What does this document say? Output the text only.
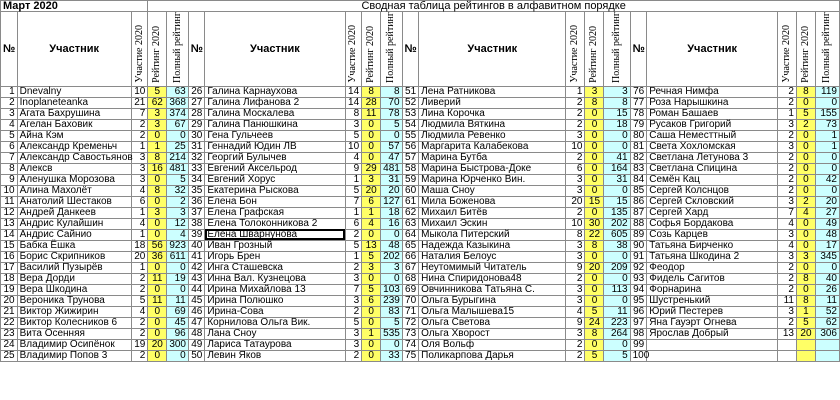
Март 2020			Сводная таблица рейтингов в алфавитном порядке																
№	Участник	Участие 2020	Рейтинг 2020	Полный рейтинг	№	Участник	Участие 2020	Рейтинг 2020	Полный рейтинг	№	Участник	Участие 2020	Рейтинг 2020	Полный рейтинг	№	Участник	Участие 2020	Рейтинг 2020	Полный рейтинг
1	Dnevalny	10	5	63	26	Галина Карнаухова	14	8	8	51	Лена Ратникова	1	3	3	76	Речная Нимфа	2	8	119
2	Inoplaneteanka	21	62	368	27	Галина Лифанова 2	14	28	70	52	Ливерий	2	8	8	77	Роза Нарышкина	2	0	0
3	Агата Бахрушина	7	3	374	28	Галина Москалева	8	11	78	53	Лина Корочка	2	0	15	78	Роман Башаев	1	5	155
4	Агелан Баховик	2	3	67	29	Галина Панюшкина	3	0	5	54	Людмила Вяткина	2	0	18	79	Русаков Григорий	3	2	73
5	Айна Кэм	2	0	0	30	Гена Гульчеев	5	0	0	55	Людмила Ревенко	3	0	0	80	Саша Неместтный	2	0	1
6	Александр Кременьч	1	1	25	31	Геннадий Юдин ЛВ	10	0	57	56	Маргарита Калабекова	10	0	0	81	Света Хохломская	3	0	1
7	Александр Савостьянов	3	8	214	32	Георгий Булычев	4	0	47	57	Марина Бутба	2	0	41	82	Светлана Летунова 3	2	0	0
8	Алексв	3	16	481	33	Евгений Аксельрод	9	29	481	58	Марина Быстрова-Доке	6	0	164	83	Светлана Спицина	2	0	0
9	Аленушка Морозова	3	0	5	34	Евгений Хорус	1	3	31	59	Марина Юрченко Вин.	3	0	31	84	Семён Кац	2	0	42
10	Алина Махолёт	4	8	32	35	Екатерина Рыскова	5	20	20	60	Маша Сноу	3	0	0	85	Сергей Колснцов	2	0	0
11	Анатолий Шестаков	6	0	2	36	Елена Бон	7	6	127	61	Мила Боженова	20	15	15	86	Сергей Скловский	3	2	20
12	Андрей Данкеев	1	3	3	37	Елена Графская	1	1	18	62	Михаил Битёв	2	0	135	87	Сергей Хард	7	4	27
13	Андрис Кулайшин	4	0	12	38	Елена Толоконникова 2	6	4	16	63	Михаил Эскин	10	30	202	88	Софья Бордакова	4	0	49
14	Андрис Сайнио	1	0	4	39	Елена Шварнунова	2	0	0	64	Мыкола Питерский	8	22	605	89	Созь Карцев	3	0	48
15	Бабка Ёшка	18	56	923	40	Иван Грозный	5	13	48	65	Надежда Казыкина	3	8	38	90	Татьяна Бирченко	4	0	17
16	Борис Скрипников	20	36	611	41	Игорь Брен	1	5	202	66	Наталия Белоус	3	0	0	91	Татьяна Шкодина 2	3	3	345
17	Василий Пузырёв	1	0	0	42	Инга Сташевска	2	3	3	67	Неутомимый Читатель	9	20	209	92	Феодор	2	0	0
18	Вера Дорди	2	11	19	43	Инна Вал. Кузнецова	3	0	0	68	Нина Спиридонова48	2	0	0	93	Фидель Сагитов	2	8	40
19	Вера Шкодина	2	0	0	44	Ирина Михайлова 13	7	5	103	69	Овчинникова Татьяна С.	3	0	113	94	Форнарина	2	0	26
20	Вероника Трунова	5	11	11	45	Ирина Полюшко	3	6	239	70	Ольга Бурыгина	3	0	0	95	Шустренький	11	8	11
21	Виктор Жижирин	4	0	69	46	Ирина-Сова	2	0	83	71	Ольга Малышева15	4	5	11	96	Юрий Пестерев	3	1	52
22	Виктор Колесников 6	2	0	45	47	Корнилова Ольга Вик.	5	0	5	72	Ольга Светова	9	24	223	97	Яна Гауэрт Огнева	2	5	62
23	Вита Осенняя	2	0	96	48	Лана Сноу	3	1	535	73	Ольга Хворост	3	8	264	98	Ярослав Добрый	13	20	306
24	Владимир Осипёнок	19	20	300	49	Лариса Татаурова	3	0	0	74	Оля Вольф	2	0	0	99				
25	Владимир Попов 3	2	0	0	50	Левин Яков	2	0	33	75	Поликарпова Дарья	2	5	5	100				
